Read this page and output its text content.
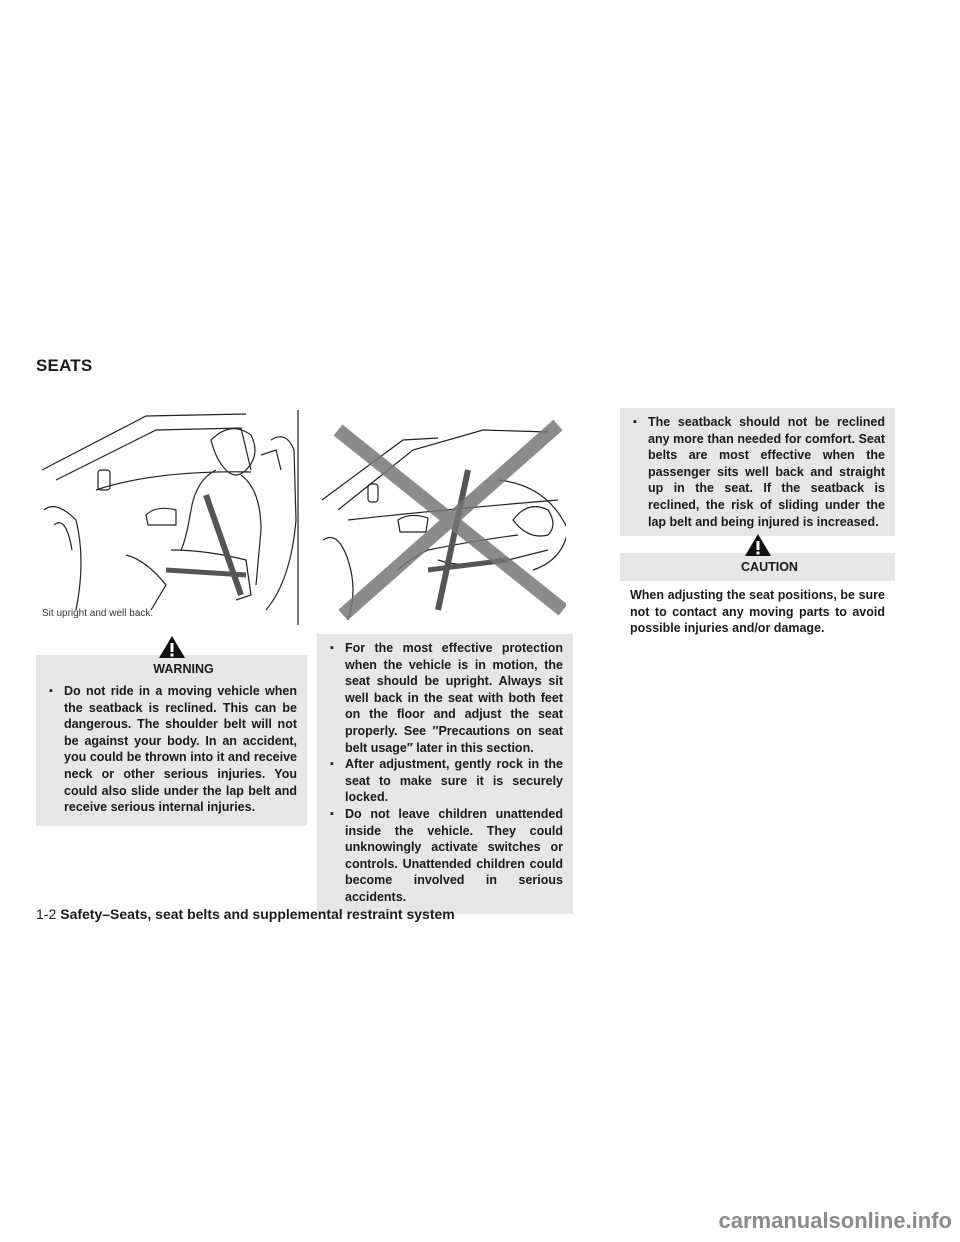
SEATS
Sit upright and well back.
WARNING
▪ Do not ride in a moving vehicle when the seatback is reclined. This can be dangerous. The shoulder belt will not be against your body. In an accident, you could be thrown into it and receive neck or other serious injuries. You could also slide under the lap belt and receive serious internal injuries.
▪ For the most effective protection when the vehicle is in motion, the seat should be upright. Always sit well back in the seat with both feet on the floor and adjust the seat properly. See ″Precautions on seat belt usage″ later in this section.
▪ After adjustment, gently rock in the seat to make sure it is securely locked.
▪ Do not leave children unattended inside the vehicle. They could unknowingly activate switches or controls. Unattended children could become involved in serious accidents.
▪ The seatback should not be reclined any more than needed for comfort. Seat belts are most effective when the passenger sits well back and straight up in the seat. If the seatback is reclined, the risk of sliding under the lap belt and being injured is increased.
CAUTION
When adjusting the seat positions, be sure not to contact any moving parts to avoid possible injuries and/or damage.
1-2 Safety–Seats, seat belts and supplemental restraint system
carmanualsonline.info
